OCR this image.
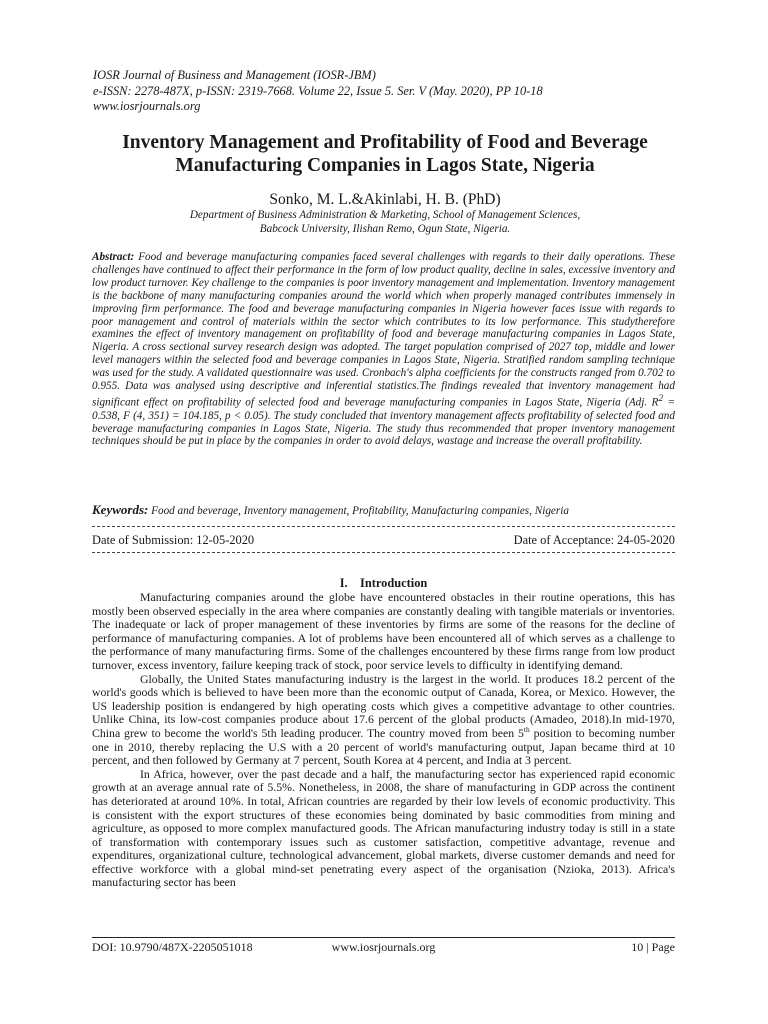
IOSR Journal of Business and Management (IOSR-JBM)
e-ISSN: 2278-487X, p-ISSN: 2319-7668. Volume 22, Issue 5. Ser. V (May. 2020), PP 10-18
www.iosrjournals.org
Inventory Management and Profitability of Food and Beverage
Manufacturing Companies in Lagos State, Nigeria
Sonko, M. L.&Akinlabi, H. B. (PhD)
Department of Business Administration & Marketing, School of Management Sciences,
Babcock University, Ilishan Remo, Ogun State, Nigeria.
Abstract: Food and beverage manufacturing companies faced several challenges with regards to their daily operations. These challenges have continued to affect their performance in the form of low product quality, decline in sales, excessive inventory and low product turnover. Key challenge to the companies is poor inventory management and implementation. Inventory management is the backbone of many manufacturing companies around the world which when properly managed contributes immensely in improving firm performance. The food and beverage manufacturing companies in Nigeria however faces issue with regards to poor management and control of materials within the sector which contributes to its low performance. This studytherefore examines the effect of inventory management on profitability of food and beverage manufacturing companies in Lagos State, Nigeria. A cross sectional survey research design was adopted. The target population comprised of 2027 top, middle and lower level managers within the selected food and beverage companies in Lagos State, Nigeria. Stratified random sampling technique was used for the study. A validated questionnaire was used. Cronbach's alpha coefficients for the constructs ranged from 0.702 to 0.955. Data was analysed using descriptive and inferential statistics.The findings revealed that inventory management had significant effect on profitability of selected food and beverage manufacturing companies in Lagos State, Nigeria (Adj. $R^2 = 0.538$, F (4, 351) = 104.185, p < 0.05). The study concluded that inventory management affects profitability of selected food and beverage manufacturing companies in Lagos State, Nigeria. The study thus recommended that proper inventory management techniques should be put in place by the companies in order to avoid delays, wastage and increase the overall profitability.
Keywords: Food and beverage, Inventory management, Profitability, Manufacturing companies, Nigeria
Date of Submission: 12-05-2020	Date of Acceptance: 24-05-2020
I.    Introduction

Manufacturing companies around the globe have encountered obstacles in their routine operations, this has mostly been observed especially in the area where companies are constantly dealing with tangible materials or inventories. The inadequate or lack of proper management of these inventories by firms are some of the reasons for the decline of performance of manufacturing companies. A lot of problems have been encountered all of which serves as a challenge to the performance of many manufacturing firms. Some of the challenges encountered by these firms range from low product turnover, excess inventory, failure keeping track of stock, poor service levels to difficulty in identifying demand.

Globally, the United States manufacturing industry is the largest in the world. It produces 18.2 percent of the world's goods which is believed to have been more than the economic output of Canada, Korea, or Mexico. However, the US leadership position is endangered by high operating costs which gives a competitive advantage to other countries. Unlike China, its low-cost companies produce about 17.6 percent of the global products (Amadeo, 2018).In mid-1970, China grew to become the world's 5th leading producer. The country moved from been 5th position to becoming number one in 2010, thereby replacing the U.S with a 20 percent of world's manufacturing output, Japan became third at 10 percent, and then followed by Germany at 7 percent, South Korea at 4 percent, and India at 3 percent.

In Africa, however, over the past decade and a half, the manufacturing sector has experienced rapid economic growth at an average annual rate of 5.5%. Nonetheless, in 2008, the share of manufacturing in GDP across the continent has deteriorated at around 10%. In total, African countries are regarded by their low levels of economic productivity. This is consistent with the export structures of these economies being dominated by basic commodities from mining and agriculture, as opposed to more complex manufactured goods. The African manufacturing industry today is still in a state of transformation with contemporary issues such as customer satisfaction, competitive advantage, revenue and expenditures, organizational culture, technological advancement, global markets, diverse customer demands and need for effective workforce with a global mind-set penetrating every aspect of the organisation (Nzioka, 2013). Africa's manufacturing sector has been

DOI: 10.9790/487X-2205051018	www.iosrjournals.org	10 | Page
